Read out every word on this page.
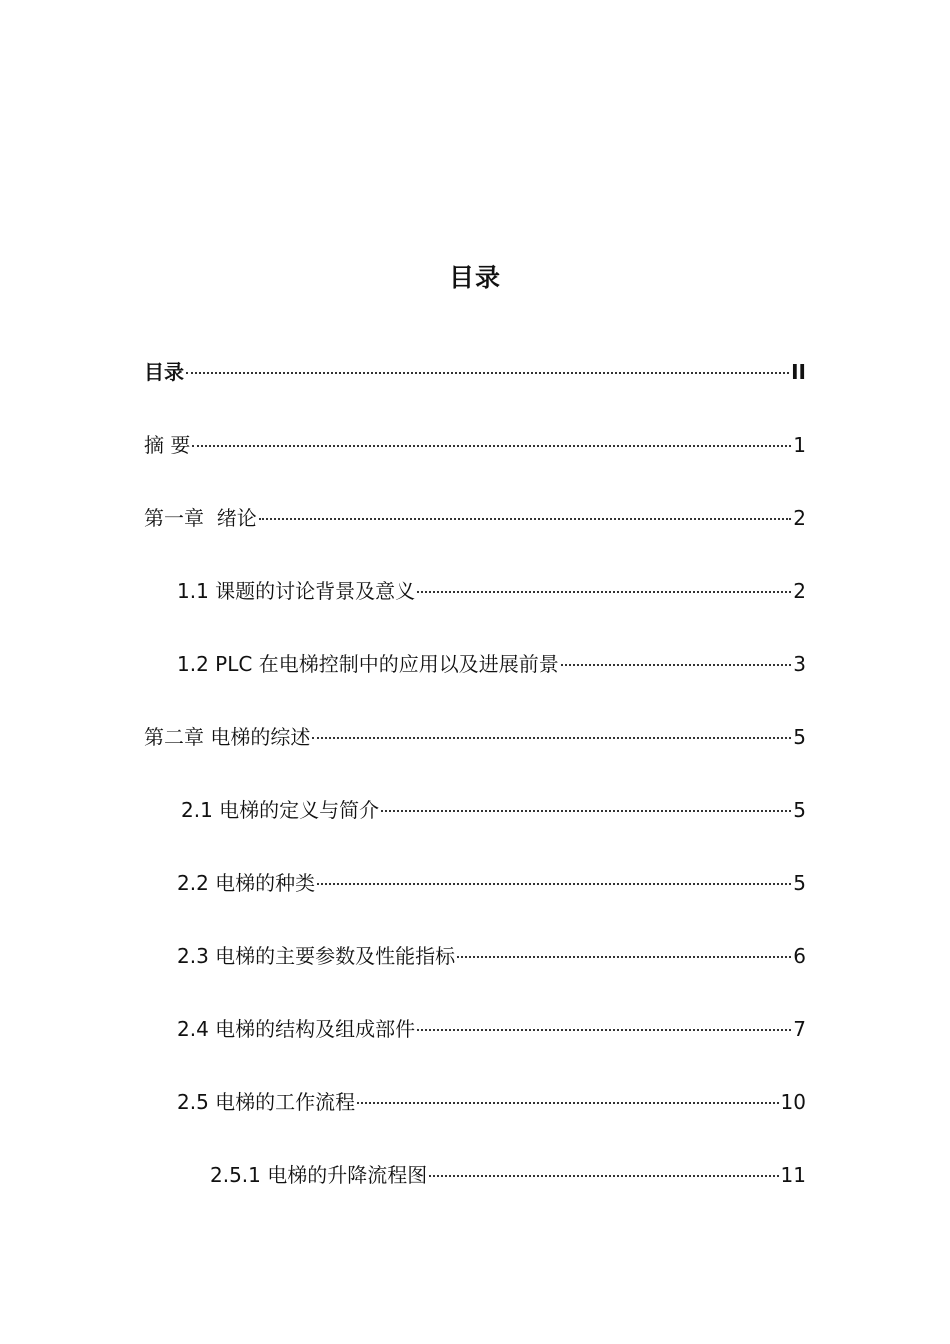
目录
目录	II
摘 要	1
第一章  绪论	2
1.1 课题的讨论背景及意义	2
1.2 PLC 在电梯控制中的应用以及进展前景	3
第二章 电梯的综述	5
2.1 电梯的定义与简介	5
2.2 电梯的种类	5
2.3 电梯的主要参数及性能指标	6
2.4 电梯的结构及组成部件	7
2.5 电梯的工作流程	10
2.5.1 电梯的升降流程图	11
